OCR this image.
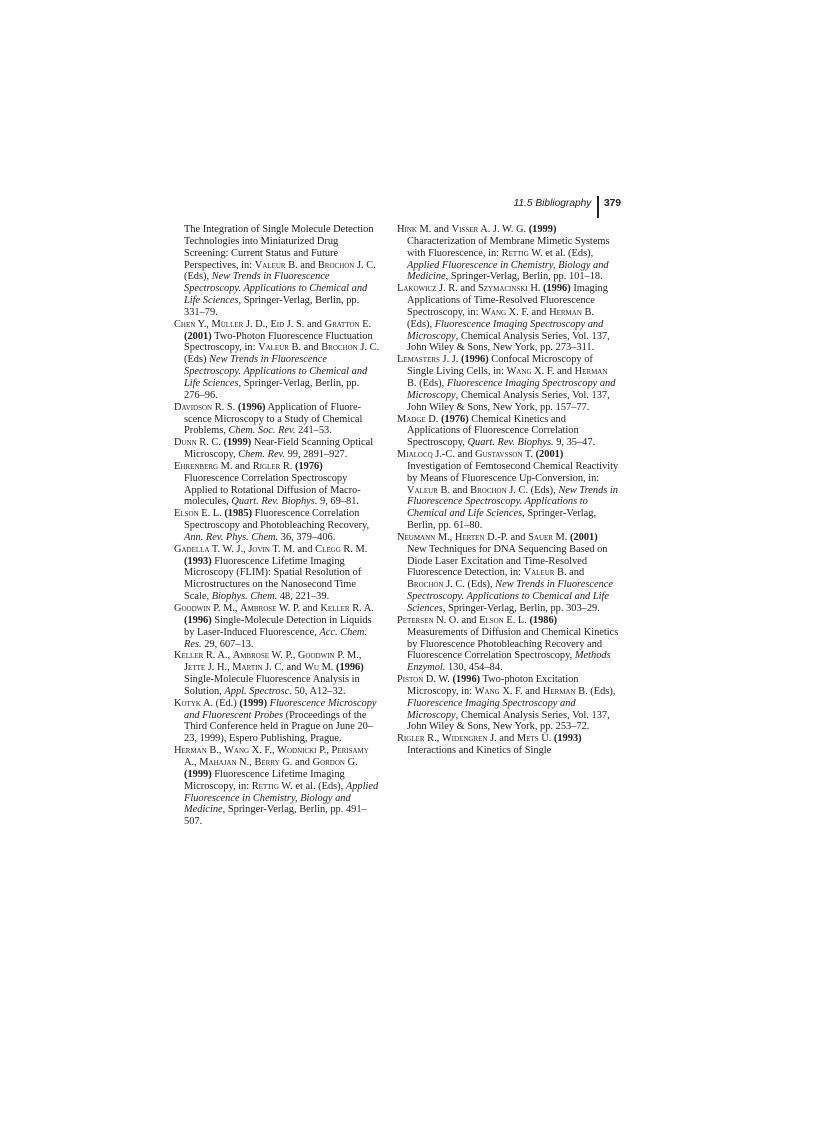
11.5 Bibliography 379

The Integration of Single Molecule Detection Technologies into Miniaturized Drug Screening: Current Status and Future Perspectives, in: Valeur B. and Brochon J. C. (Eds), New Trends in Fluorescence Spectroscopy. Applications to Chemical and Life Sciences, Springer-Verlag, Berlin, pp. 331–79.

Chen Y., Müller J. D., Eid J. S. and Gratton E. (2001) Two-Photon Fluorescence Fluctuation Spectroscopy, in: Valeur B. and Brochon J. C. (Eds) New Trends in Fluorescence Spectroscopy. Applications to Chemical and Life Sciences, Springer-Verlag, Berlin, pp. 276–96.

Davidson R. S. (1996) Application of Fluore-scence Microscopy to a Study of Chemical Problems, Chem. Soc. Rev. 241–53.

Dunn R. C. (1999) Near-Field Scanning Optical Microscopy, Chem. Rev. 99, 2891–927.

Ehrenberg M. and Rigler R. (1976) Fluorescence Correlation Spectroscopy Applied to Rotational Diffusion of Macro-molecules, Quart. Rev. Biophys. 9, 69–81.

Elson E. L. (1985) Fluorescence Correlation Spectroscopy and Photobleaching Recovery, Ann. Rev. Phys. Chem. 36, 379–406.

Gadella T. W. J., Jovin T. M. and Clegg R. M. (1993) Fluorescence Lifetime Imaging Microscopy (FLIM): Spatial Resolution of Microstructures on the Nanosecond Time Scale, Biophys. Chem. 48, 221–39.

Goodwin P. M., Ambrose W. P. and Keller R. A. (1996) Single-Molecule Detection in Liquids by Laser-Induced Fluorescence, Acc. Chem. Res. 29, 607–13.

Keller R. A., Ambrose W. P., Goodwin P. M., Jette J. H., Martin J. C. and Wu M. (1996) Single-Molecule Fluorescence Analysis in Solution, Appl. Spectrosc. 50, A12–32.

Kotyk A. (Ed.) (1999) Fluorescence Microscopy and Fluorescent Probes (Proceedings of the Third Conference held in Prague on June 20–23, 1999), Espero Publishing, Prague.

Herman B., Wang X. F., Wodnicki P., Perisamy A., Mahajan N., Berry G. and Gordon G. (1999) Fluorescence Lifetime Imaging Microscopy, in: Rettig W. et al. (Eds), Applied Fluorescence in Chemistry, Biology and Medicine, Springer-Verlag, Berlin, pp. 491–507.

Hink M. and Visser A. J. W. G. (1999) Characterization of Membrane Mimetic Systems with Fluorescence, in: Rettig W. et al. (Eds), Applied Fluorescence in Chemistry, Biology and Medicine, Springer-Verlag, Berlin, pp. 101–18.

Lakowicz J. R. and Szymacinski H. (1996) Imaging Applications of Time-Resolved Fluorescence Spectroscopy, in: Wang X. F. and Herman B. (Eds), Fluorescence Imaging Spectroscopy and Microscopy, Chemical Analysis Series, Vol. 137, John Wiley & Sons, New York, pp. 273–311.

Lemasters J. J. (1996) Confocal Microscopy of Single Living Cells, in: Wang X. F. and Herman B. (Eds), Fluorescence Imaging Spectroscopy and Microscopy, Chemical Analysis Series, Vol. 137, John Wiley & Sons, New York, pp. 157–77.

Madge D. (1976) Chemical Kinetics and Applications of Fluorescence Correlation Spectroscopy, Quart. Rev. Biophys. 9, 35–47.

Mialocq J.-C. and Gustavsson T. (2001) Investigation of Femtosecond Chemical Reactivity by Means of Fluorescence Up-Conversion, in: Valeur B. and Brochon J. C. (Eds), New Trends in Fluorescence Spectroscopy. Applications to Chemical and Life Sciences, Springer-Verlag, Berlin, pp. 61–80.

Neumann M., Herten D.-P. and Sauer M. (2001) New Techniques for DNA Sequencing Based on Diode Laser Excitation and Time-Resolved Fluorescence Detection, in: Valeur B. and Brochon J. C. (Eds), New Trends in Fluorescence Spectroscopy. Applications to Chemical and Life Sciences, Springer-Verlag, Berlin, pp. 303–29.

Petersen N. O. and Elson E. L. (1986) Measurements of Diffusion and Chemical Kinetics by Fluorescence Photobleaching Recovery and Fluorescence Correlation Spectroscopy, Methods Enzymol. 130, 454–84.

Piston D. W. (1996) Two-photon Excitation Microscopy, in: Wang X. F. and Herman B. (Eds), Fluorescence Imaging Spectroscopy and Microscopy, Chemical Analysis Series, Vol. 137, John Wiley & Sons, New York, pp. 253–72.

Rigler R., Widengren J. and Mets Ü. (1993) Interactions and Kinetics of Single
